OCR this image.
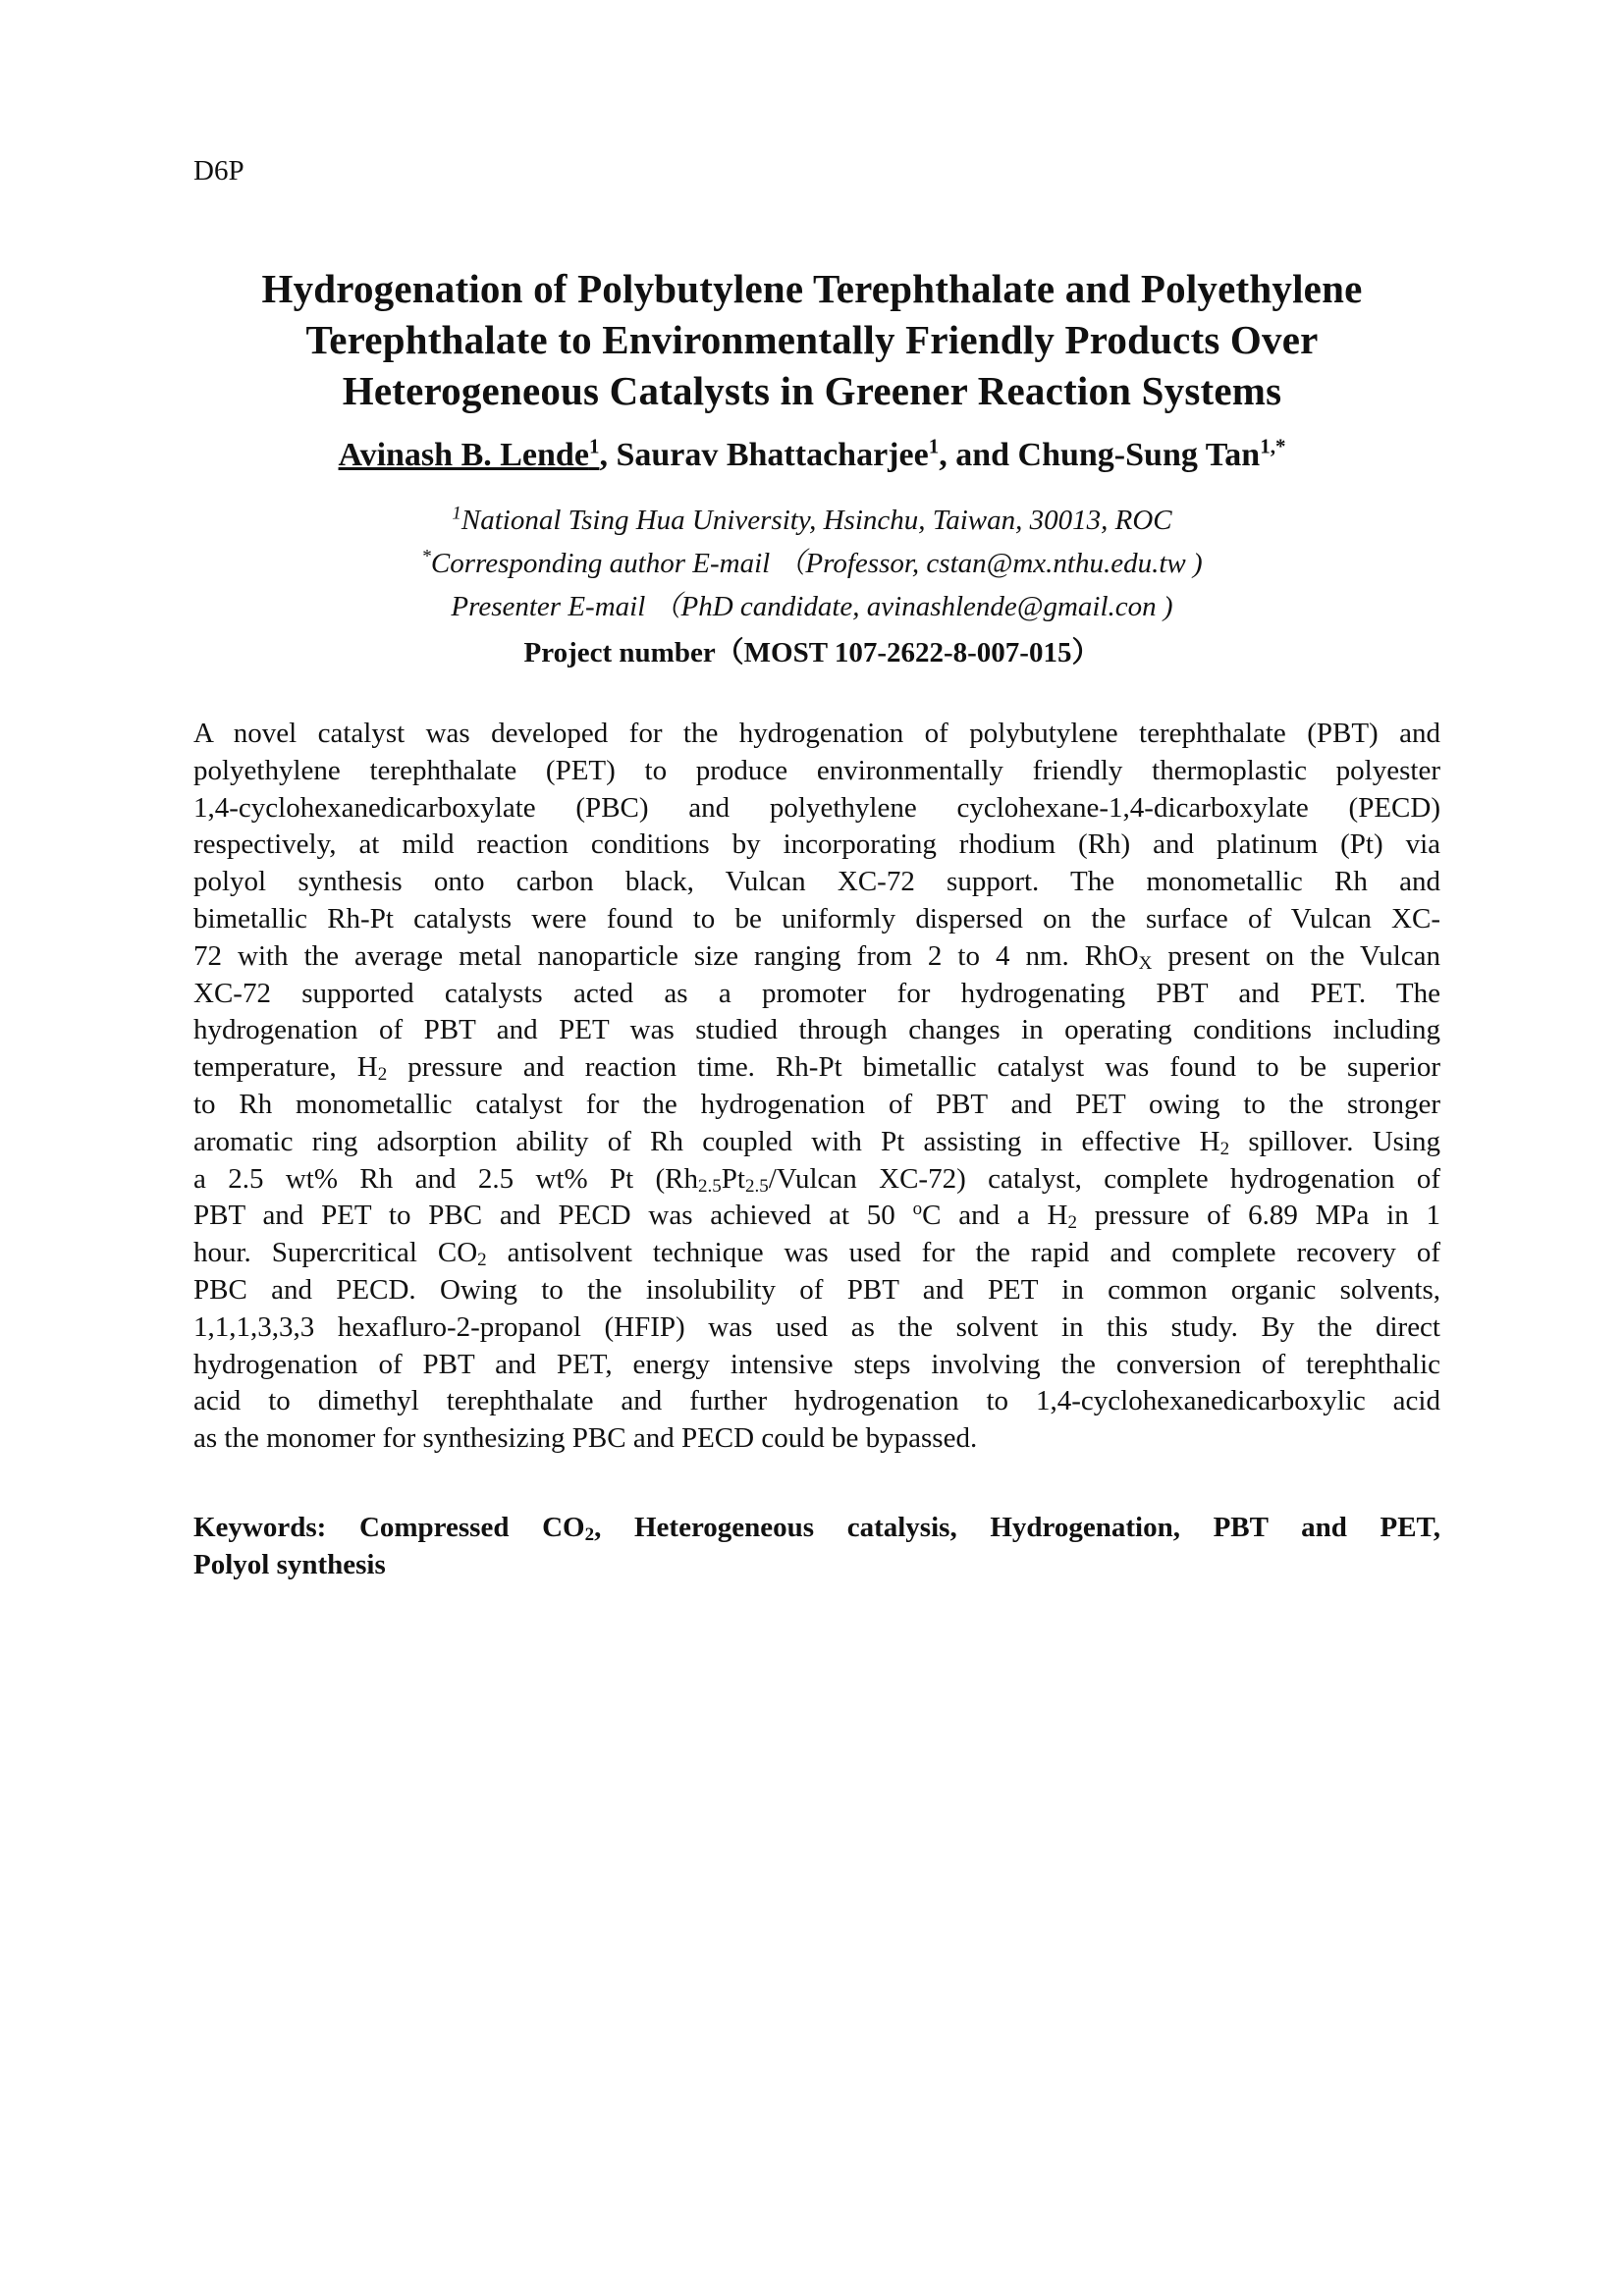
D6P
Hydrogenation of Polybutylene Terephthalate and Polyethylene
Terephthalate to Environmentally Friendly Products Over
Heterogeneous Catalysts in Greener Reaction Systems
Avinash B. Lende$^1$, Saurav Bhattacharjee$^1$, and Chung-Sung Tan$^{1,*}$
$^1$National Tsing Hua University, Hsinchu, Taiwan, 30013, ROC
*Corresponding author E-mail （Professor, cstan@mx.nthu.edu.tw )
Presenter E-mail （PhD candidate, avinashlende@gmail.con )
Project number（MOST 107-2622-8-007-015）
A novel catalyst was developed for the hydrogenation of polybutylene terephthalate (PBT) and
polyethylene terephthalate (PET) to produce environmentally friendly thermoplastic polyester
1,4-cyclohexanedicarboxylate (PBC) and polyethylene cyclohexane-1,4-dicarboxylate (PECD)
respectively, at mild reaction conditions by incorporating rhodium (Rh) and platinum (Pt) via
polyol synthesis onto carbon black, Vulcan XC-72 support. The monometallic Rh and
bimetallic Rh-Pt catalysts were found to be uniformly dispersed on the surface of Vulcan XC-
72 with the average metal nanoparticle size ranging from 2 to 4 nm. RhO$_X$ present on the Vulcan
XC-72 supported catalysts acted as a promoter for hydrogenating PBT and PET. The
hydrogenation of PBT and PET was studied through changes in operating conditions including
temperature, $H_2$ pressure and reaction time. Rh-Pt bimetallic catalyst was found to be superior
to Rh monometallic catalyst for the hydrogenation of PBT and PET owing to the stronger
aromatic ring adsorption ability of Rh coupled with Pt assisting in effective $H_2$ spillover. Using
a 2.5 wt% Rh and 2.5 wt% Pt ($Rh_{2.5}Pt_{2.5}$/Vulcan XC-72) catalyst, complete hydrogenation of
PBT and PET to PBC and PECD was achieved at 50 $^o$C and a $H_2$ pressure of 6.89 MPa in 1
hour. Supercritical $CO_2$ antisolvent technique was used for the rapid and complete recovery of
PBC and PECD. Owing to the insolubility of PBT and PET in common organic solvents,
1,1,1,3,3,3 hexafluro-2-propanol (HFIP) was used as the solvent in this study. By the direct
hydrogenation of PBT and PET, energy intensive steps involving the conversion of terephthalic
acid to dimethyl terephthalate and further hydrogenation to 1,4-cyclohexanedicarboxylic acid
as the monomer for synthesizing PBC and PECD could be bypassed.
Keywords: Compressed $CO_2$, Heterogeneous catalysis, Hydrogenation, PBT and PET,
Polyol synthesis
